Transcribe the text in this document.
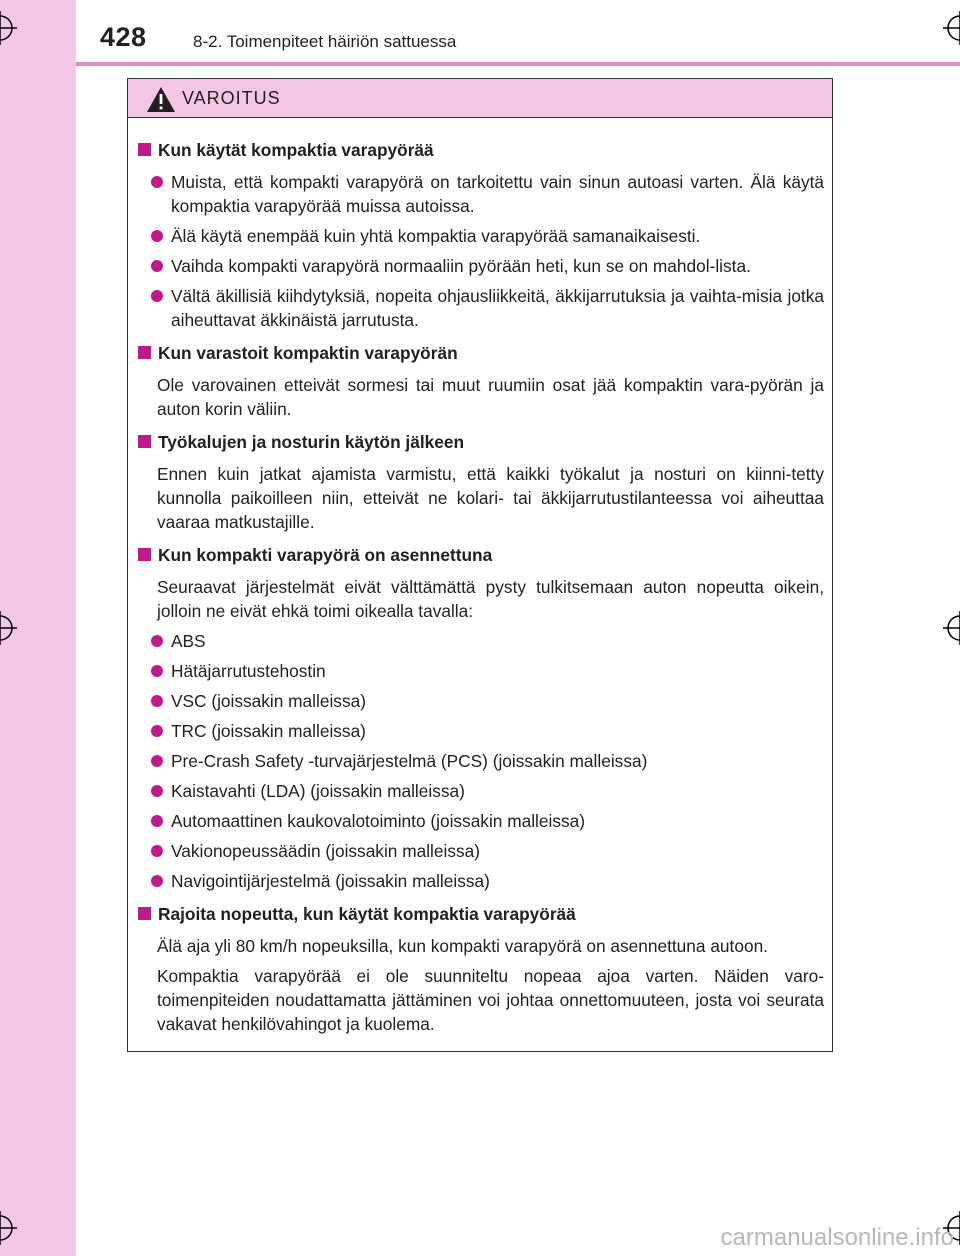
428	8-2. Toimenpiteet häiriön sattuessa
VAROITUS
Kun käytät kompaktia varapyörää
Muista, että kompakti varapyörä on tarkoitettu vain sinun autoasi varten. Älä käytä kompaktia varapyörää muissa autoissa.
Älä käytä enempää kuin yhtä kompaktia varapyörää samanaikaisesti.
Vaihda kompakti varapyörä normaaliin pyörään heti, kun se on mahdol-lista.
Vältä äkillisiä kiihdytyksiä, nopeita ohjausliikkeitä, äkkijarrutuksia ja vaihta-misia jotka aiheuttavat äkkinäistä jarrutusta.
Kun varastoit kompaktin varapyörän
Ole varovainen etteivät sormesi tai muut ruumiin osat jää kompaktin vara-pyörän ja auton korin väliin.
Työkalujen ja nosturin käytön jälkeen
Ennen kuin jatkat ajamista varmistu, että kaikki työkalut ja nosturi on kiinni-tetty kunnolla paikoilleen niin, etteivät ne kolari- tai äkkijarrutustilanteessa voi aiheuttaa vaaraa matkustajille.
Kun kompakti varapyörä on asennettuna
Seuraavat järjestelmät eivät välttämättä pysty tulkitsemaan auton nopeutta oikein, jolloin ne eivät ehkä toimi oikealla tavalla:
ABS
Hätäjarrutustehostin
VSC (joissakin malleissa)
TRC (joissakin malleissa)
Pre-Crash Safety -turvajärjestelmä (PCS) (joissakin malleissa)
Kaistavahti (LDA) (joissakin malleissa)
Automaattinen kaukovalotoiminto (joissakin malleissa)
Vakionopeussäädin (joissakin malleissa)
Navigointijärjestelmä (joissakin malleissa)
Rajoita nopeutta, kun käytät kompaktia varapyörää
Älä aja yli 80 km/h nopeuksilla, kun kompakti varapyörä on asennettuna autoon.
Kompaktia varapyörää ei ole suunniteltu nopeaa ajoa varten. Näiden varo-toimenpiteiden noudattamatta jättäminen voi johtaa onnettomuuteen, josta voi seurata vakavat henkilövahingot ja kuolema.
carmanualsonline.info
